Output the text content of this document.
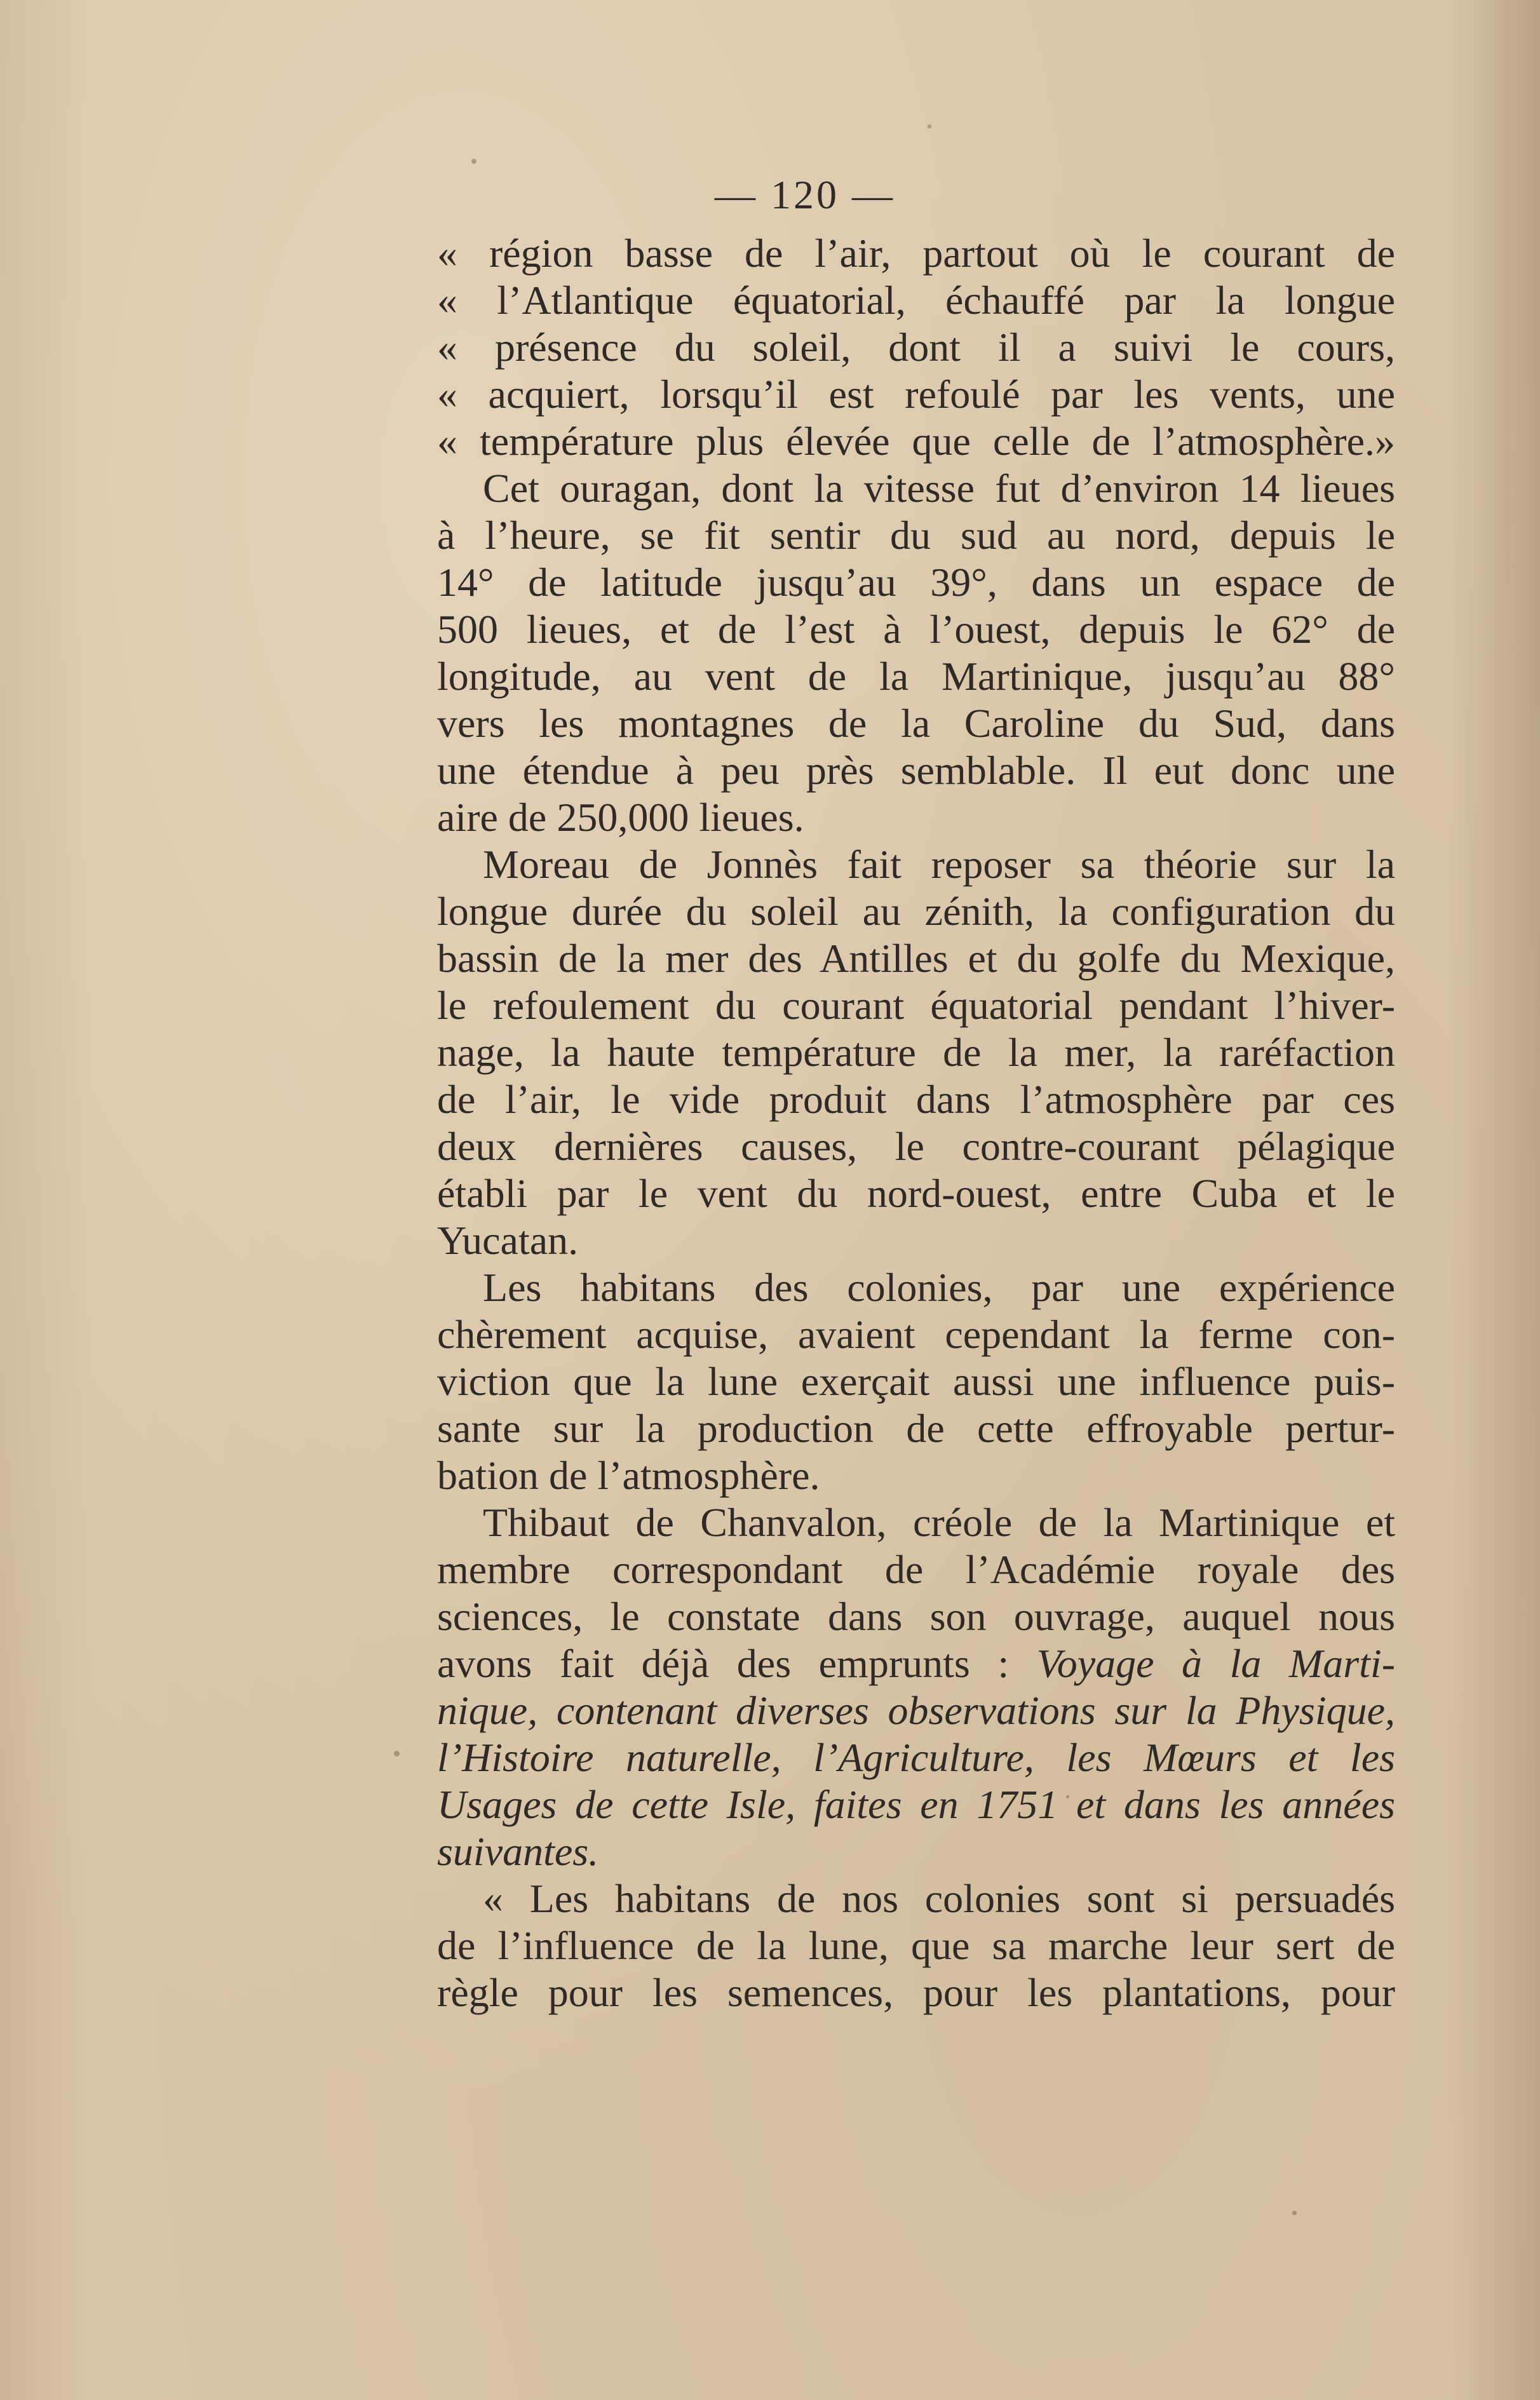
— 120 —
« région basse de l’air, partout où le courant de
« l’Atlantique équatorial, échauffé par la longue
« présence du soleil, dont il a suivi le cours,
« acquiert, lorsqu’il est refoulé par les vents, une
« température plus élevée que celle de l’atmosphère.»
Cet ouragan, dont la vitesse fut d’environ 14 lieues
à l’heure, se fit sentir du sud au nord, depuis le
14° de latitude jusqu’au 39°, dans un espace de
500 lieues, et de l’est à l’ouest, depuis le 62° de
longitude, au vent de la Martinique, jusqu’au 88°
vers les montagnes de la Caroline du Sud, dans
une étendue à peu près semblable. Il eut donc une
aire de 250,000 lieues.
Moreau de Jonnès fait reposer sa théorie sur la
longue durée du soleil au zénith, la configuration du
bassin de la mer des Antilles et du golfe du Mexique,
le refoulement du courant équatorial pendant l’hiver-
nage, la haute température de la mer, la raréfaction
de l’air, le vide produit dans l’atmosphère par ces
deux dernières causes, le contre-courant pélagique
établi par le vent du nord-ouest, entre Cuba et le
Yucatan.
Les habitans des colonies, par une expérience
chèrement acquise, avaient cependant la ferme con-
viction que la lune exerçait aussi une influence puis-
sante sur la production de cette effroyable pertur-
bation de l’atmosphère.
Thibaut de Chanvalon, créole de la Martinique et
membre correspondant de l’Académie royale des
sciences, le constate dans son ouvrage, auquel nous
avons fait déjà des emprunts : Voyage à la Marti-
nique, contenant diverses observations sur la Physique,
l’Histoire naturelle, l’Agriculture, les Mœurs et les
Usages de cette Isle, faites en 1751 et dans les années
suivantes.
« Les habitans de nos colonies sont si persuadés
de l’influence de la lune, que sa marche leur sert de
règle pour les semences, pour les plantations, pour
